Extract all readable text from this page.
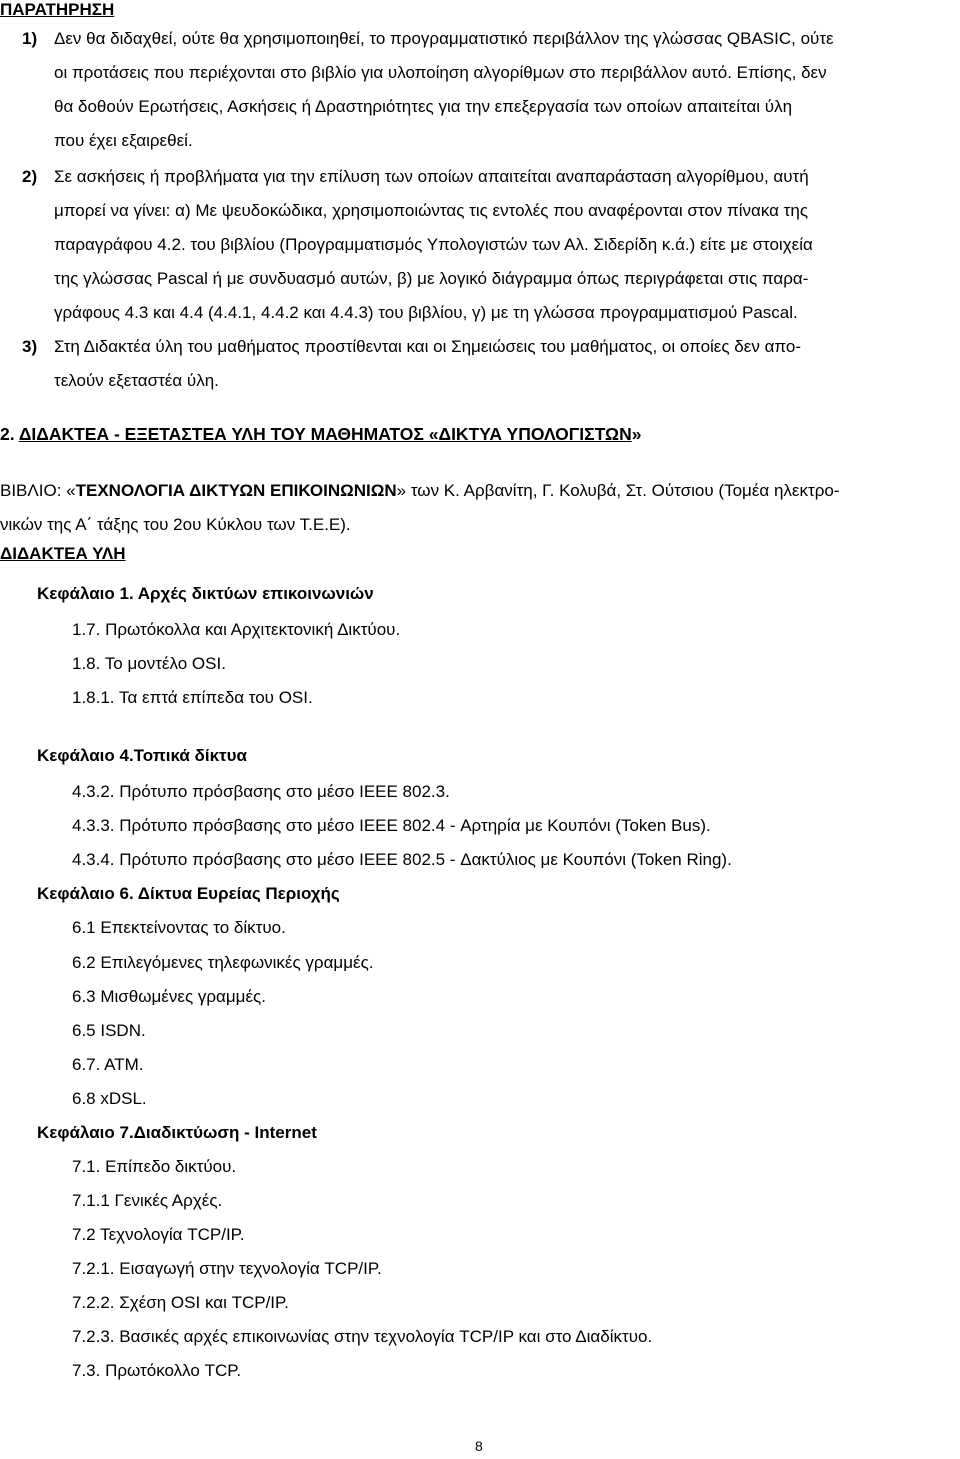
ΠΑΡΑΤΗΡΗΣΗ
1) Δεν θα διδαχθεί, ούτε θα χρησιμοποιηθεί, το προγραμματιστικό περιβάλλον της γλώσσας QBASIC, ούτε
οι προτάσεις που περιέχονται στο βιβλίο για υλοποίηση αλγορίθμων στο περιβάλλον αυτό. Επίσης, δεν
θα δοθούν Ερωτήσεις, Ασκήσεις ή Δραστηριότητες για την επεξεργασία των οποίων απαιτείται ύλη
που έχει εξαιρεθεί.
2) Σε ασκήσεις ή προβλήματα για την επίλυση των οποίων απαιτείται αναπαράσταση αλγορίθμου, αυτή
μπορεί να γίνει: α) Με ψευδοκώδικα, χρησιμοποιώντας τις εντολές που αναφέρονται στον πίνακα της
παραγράφου 4.2. του βιβλίου (Προγραμματισμός Υπολογιστών των Αλ. Σιδερίδη κ.ά.) είτε με στοιχεία
της γλώσσας Pascal ή με συνδυασμό αυτών, β) με λογικό διάγραμμα όπως περιγράφεται στις παρα-
γράφους 4.3 και 4.4 (4.4.1, 4.4.2 και 4.4.3) του βιβλίου, γ) με τη γλώσσα προγραμματισμού Pascal.
3) Στη Διδακτέα ύλη του μαθήματος προστίθενται και οι Σημειώσεις του μαθήματος, οι οποίες δεν απο-
τελούν εξεταστέα ύλη.
2. ΔΙΔΑΚΤΕΑ - ΕΞΕΤΑΣΤΕΑ ΥΛΗ ΤΟΥ ΜΑΘΗΜΑΤΟΣ «ΔΙΚΤΥΑ ΥΠΟΛΟΓΙΣΤΩΝ»
ΒΙΒΛΙΟ: «ΤΕΧΝΟΛΟΓΙΑ ΔΙΚΤΥΩΝ ΕΠΙΚΟΙΝΩΝΙΩΝ» των Κ. Αρβανίτη, Γ. Κολυβά, Στ. Ούτσιου (Τομέα ηλεκτρο-
νικών της Α΄ τάξης του 2ου Κύκλου των Τ.Ε.Ε).
ΔΙΔΑΚΤΕΑ ΥΛΗ
Κεφάλαιο 1. Αρχές δικτύων επικοινωνιών
1.7. Πρωτόκολλα και Αρχιτεκτονική Δικτύου.
1.8. Το μοντέλο OSI.
1.8.1. Τα επτά επίπεδα του OSI.
Κεφάλαιο 4.Τοπικά δίκτυα
4.3.2. Πρότυπο πρόσβασης στο μέσο IEEE 802.3.
4.3.3. Πρότυπο πρόσβασης στο μέσο IEEE 802.4 - Αρτηρία με Κουπόνι (Token Bus).
4.3.4. Πρότυπο πρόσβασης στο μέσο IEEE 802.5 - Δακτύλιος με Κουπόνι (Token Ring).
Κεφάλαιο 6. Δίκτυα Ευρείας Περιοχής
6.1 Επεκτείνοντας το δίκτυο.
6.2 Επιλεγόμενες τηλεφωνικές γραμμές.
6.3 Μισθωμένες γραμμές.
6.5 ISDN.
6.7. ATM.
6.8 xDSL.
Κεφάλαιο 7.Διαδικτύωση - Internet
7.1. Επίπεδο δικτύου.
7.1.1 Γενικές Αρχές.
7.2 Τεχνολογία TCP/IP.
7.2.1. Εισαγωγή στην τεχνολογία TCP/IP.
7.2.2. Σχέση OSI και TCP/IP.
7.2.3. Βασικές αρχές επικοινωνίας στην τεχνολογία TCP/IP και στο Διαδίκτυο.
7.3. Πρωτόκολλο TCP.
8
